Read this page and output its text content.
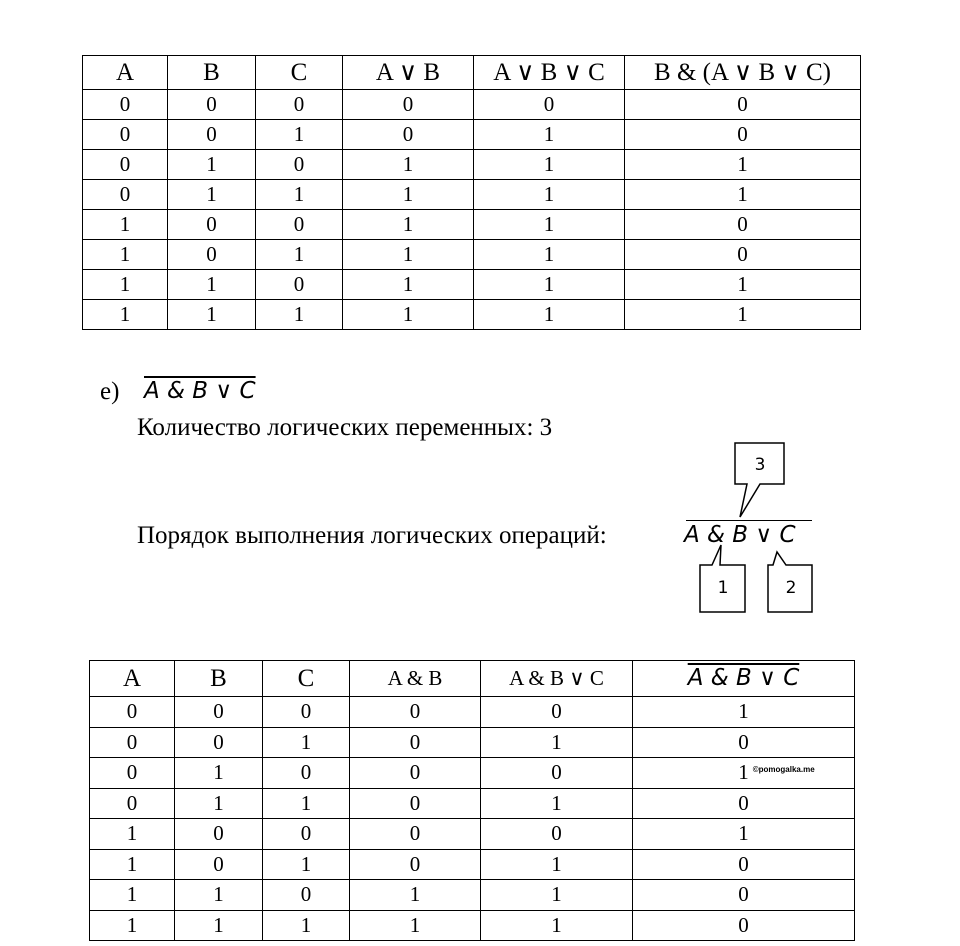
A	B	C	A ∨ B	A ∨ B ∨ C	B & (A ∨ B ∨ C)
0	0	0	0	0	0
0	0	1	0	1	0
0	1	0	1	1	1
0	1	1	1	1	1
1	0	0	1	1	0
1	0	1	1	1	0
1	1	0	1	1	1
1	1	1	1	1	1
е) A & B ∨ C
Количество логических переменных: 3
Порядок выполнения логических операций:	A & B ∨ C
3
1	2
A	B	C	A & B	A & B ∨ C	A & B ∨ C
0	0	0	0	0	1
0	0	1	0	1	0
0	1	0	0	0	1 ©pomogalka.me

0	1	1	0	1	0
1	0	0	0	0	1
1	0	1	0	1	0
1	1	0	1	1	0
1	1	1	1	1	0
